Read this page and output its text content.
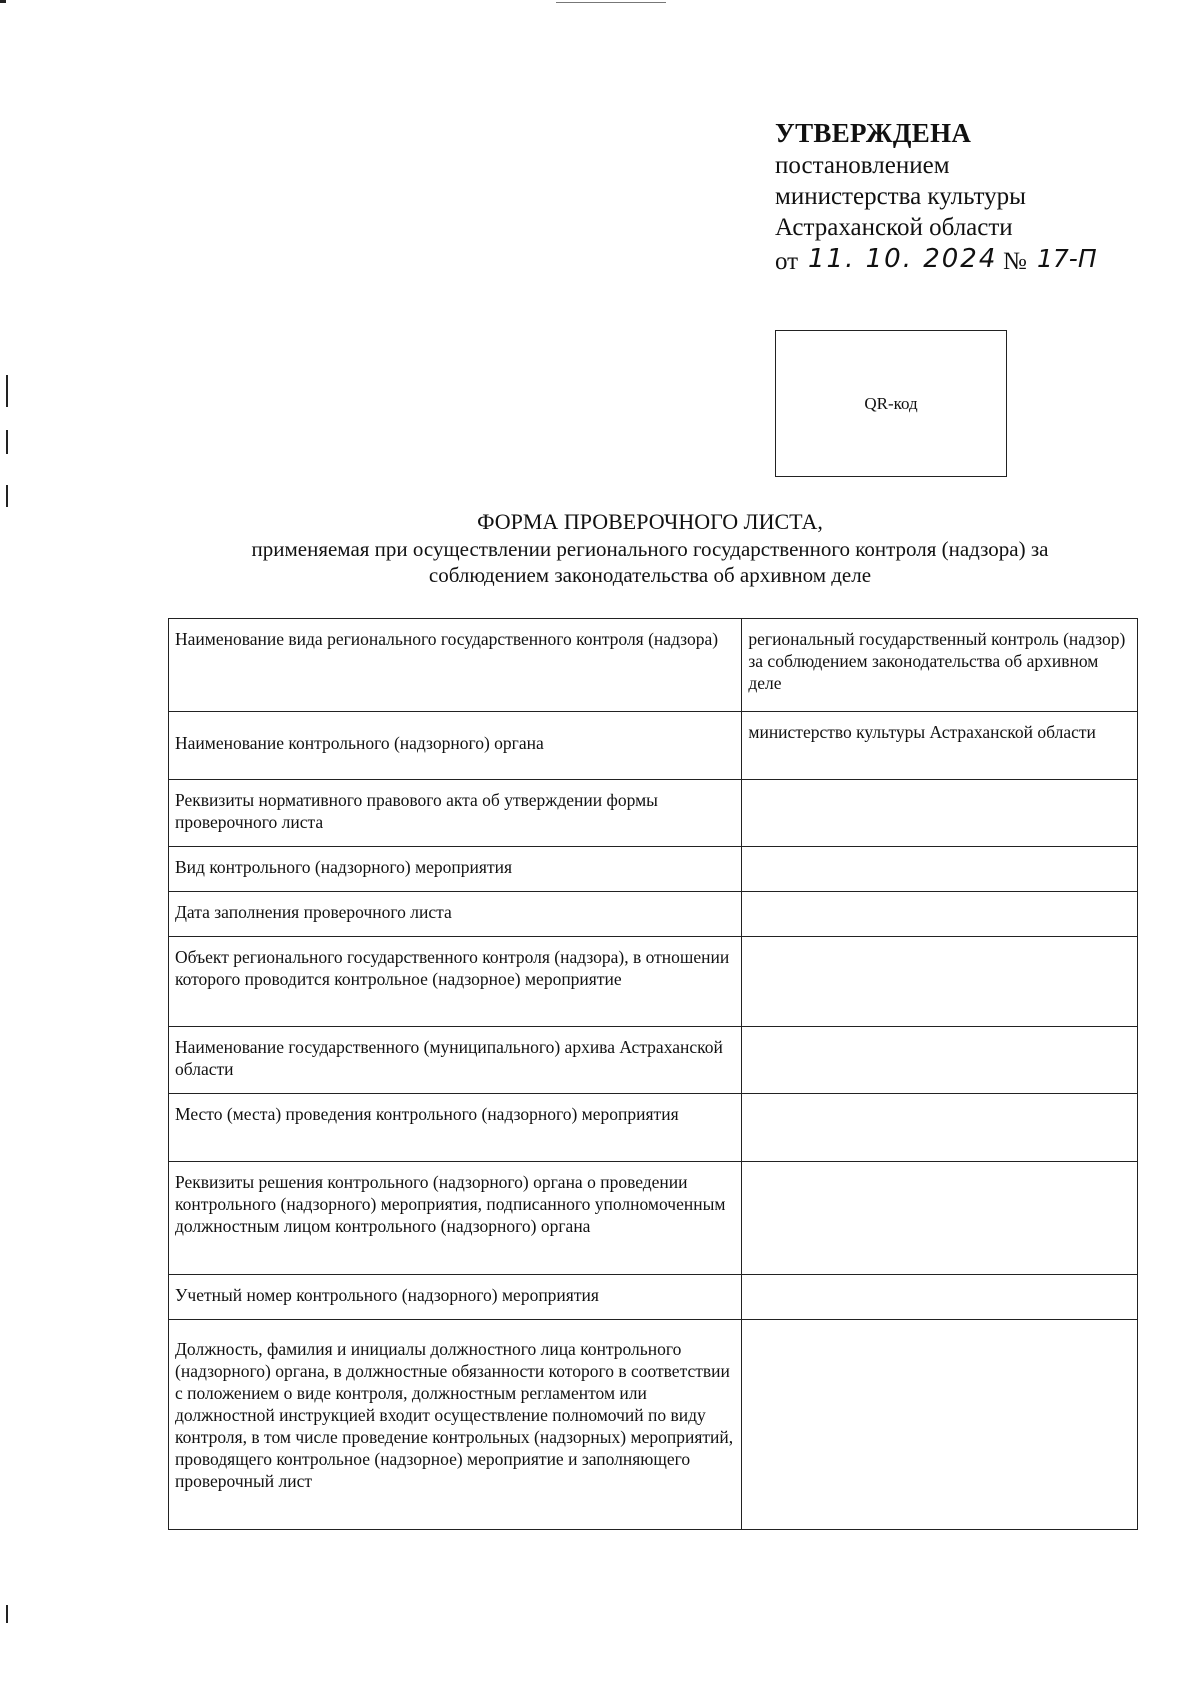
УТВЕРЖДЕНА
постановлением
министерства культуры
Астраханской области
от 11. 10. 2024 № 17-П
QR-код
ФОРМА ПРОВЕРОЧНОГО ЛИСТА,
применяемая при осуществлении регионального государственного контроля (надзора) за
соблюдением законодательства об архивном деле
Наименование вида регионального государственного контроля (надзора)	региональный государственный контроль (надзор) за соблюдением законодательства об архивном деле
Наименование контрольного (надзорного) органа	министерство культуры Астраханской области
Реквизиты нормативного правового акта об утверждении формы проверочного листа	
Вид контрольного (надзорного) мероприятия	
Дата заполнения проверочного листа	
Объект регионального государственного контроля (надзора), в отношении которого проводится контрольное (надзорное) мероприятие	
Наименование государственного (муниципального) архива Астраханской области	
Место (места) проведения контрольного (надзорного) мероприятия	
Реквизиты решения контрольного (надзорного) органа о проведении контрольного (надзорного) мероприятия, подписанного уполномоченным должностным лицом контрольного (надзорного) органа	
Учетный номер контрольного (надзорного) мероприятия	
Должность, фамилия и инициалы должностного лица контрольного (надзорного) органа, в должностные обязанности которого в соответствии с положением о виде контроля, должностным регламентом или должностной инструкцией входит осуществление полномочий по виду контроля, в том числе проведение контрольных (надзорных) мероприятий, проводящего контрольное (надзорное) мероприятие и заполняющего проверочный лист	
